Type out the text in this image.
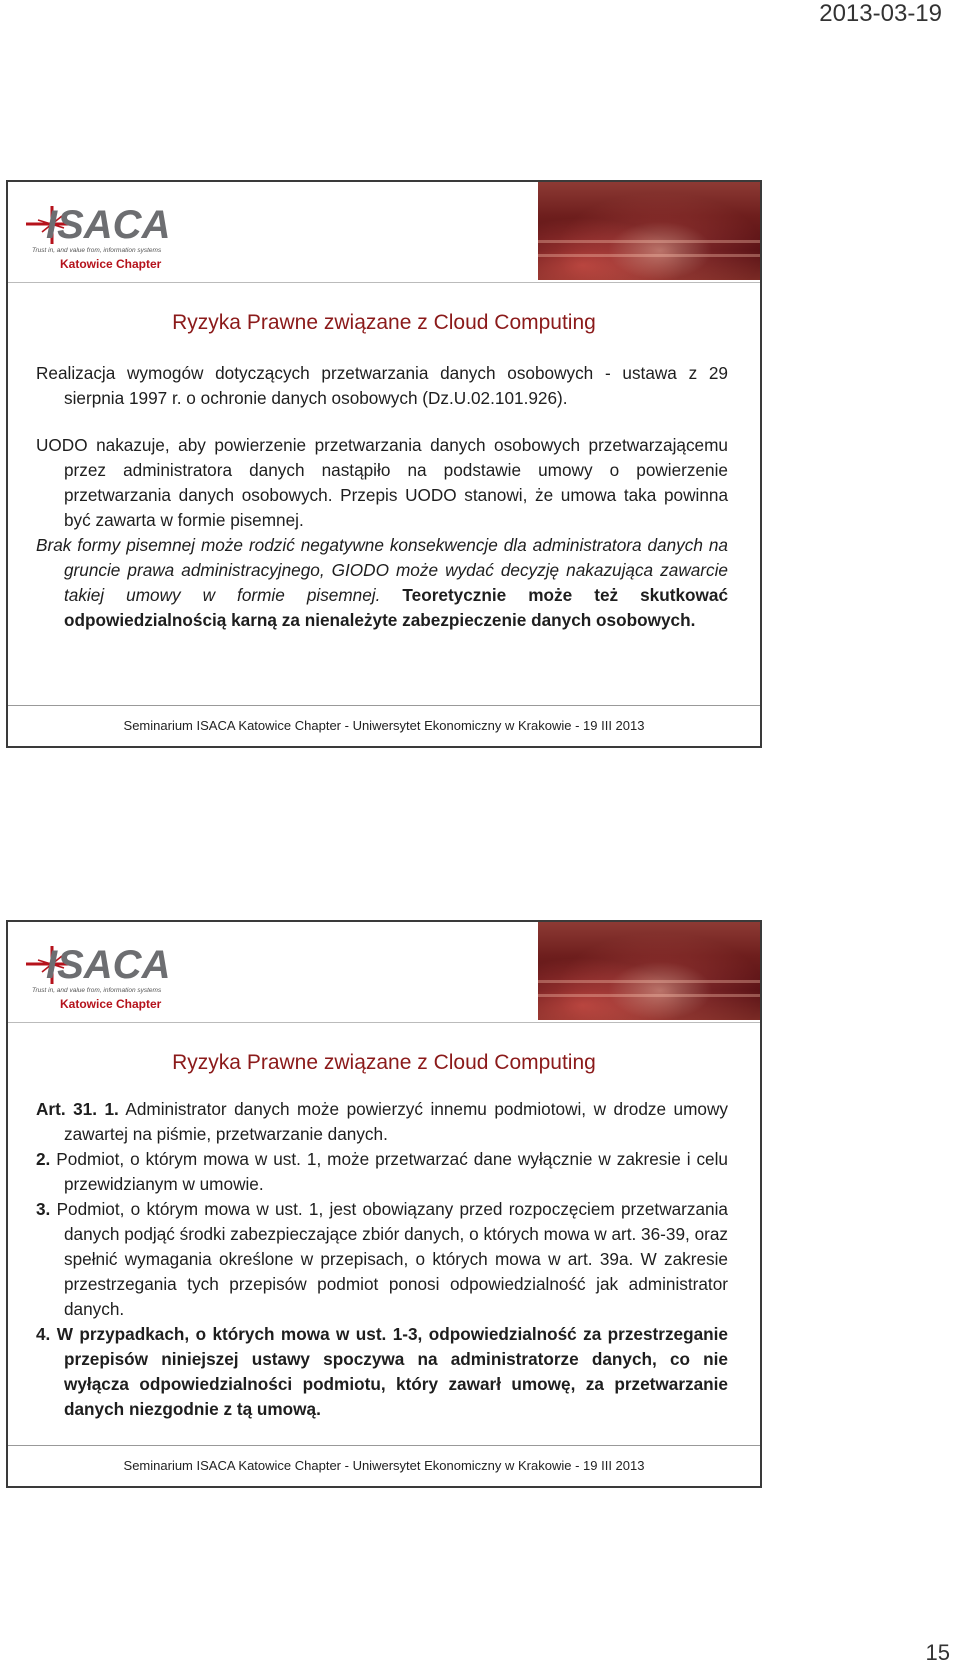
2013-03-19
ISACA
Trust in, and value from, information systems
Katowice Chapter
Ryzyka Prawne związane z Cloud Computing

Realizacja wymogów dotyczących przetwarzania danych osobowych - ustawa z 29 sierpnia 1997 r. o ochronie danych osobowych (Dz.U.02.101.926).

UODO nakazuje, aby powierzenie przetwarzania danych osobowych przetwarzającemu przez administratora danych nastąpiło na podstawie umowy o powierzenie przetwarzania danych osobowych. Przepis UODO stanowi, że umowa taka powinna być zawarta w formie pisemnej.

Brak formy pisemnej może rodzić negatywne konsekwencje dla administratora danych na gruncie prawa administracyjnego, GIODO może wydać decyzję nakazująca zawarcie takiej umowy w formie pisemnej. Teoretycznie może też skutkować odpowiedzialnością karną za nienależyte zabezpieczenie danych osobowych.

Seminarium ISACA Katowice Chapter - Uniwersytet Ekonomiczny w Krakowie - 19 III 2013
ISACA
Trust in, and value from, information systems
Katowice Chapter
Ryzyka Prawne związane z Cloud Computing

Art. 31. 1. Administrator danych może powierzyć innemu podmiotowi, w drodze umowy zawartej na piśmie, przetwarzanie danych.

2. Podmiot, o którym mowa w ust. 1, może przetwarzać dane wyłącznie w zakresie i celu przewidzianym w umowie.

3. Podmiot, o którym mowa w ust. 1, jest obowiązany przed rozpoczęciem przetwarzania danych podjąć środki zabezpieczające zbiór danych, o których mowa w art. 36-39, oraz spełnić wymagania określone w przepisach, o których mowa w art. 39a. W zakresie przestrzegania tych przepisów podmiot ponosi odpowiedzialność jak administrator danych.

4. W przypadkach, o których mowa w ust. 1-3, odpowiedzialność za przestrzeganie przepisów niniejszej ustawy spoczywa na administratorze danych, co nie wyłącza odpowiedzialności podmiotu, który zawarł umowę, za przetwarzanie danych niezgodnie z tą umową.

Seminarium ISACA Katowice Chapter - Uniwersytet Ekonomiczny w Krakowie - 19 III 2013
15
